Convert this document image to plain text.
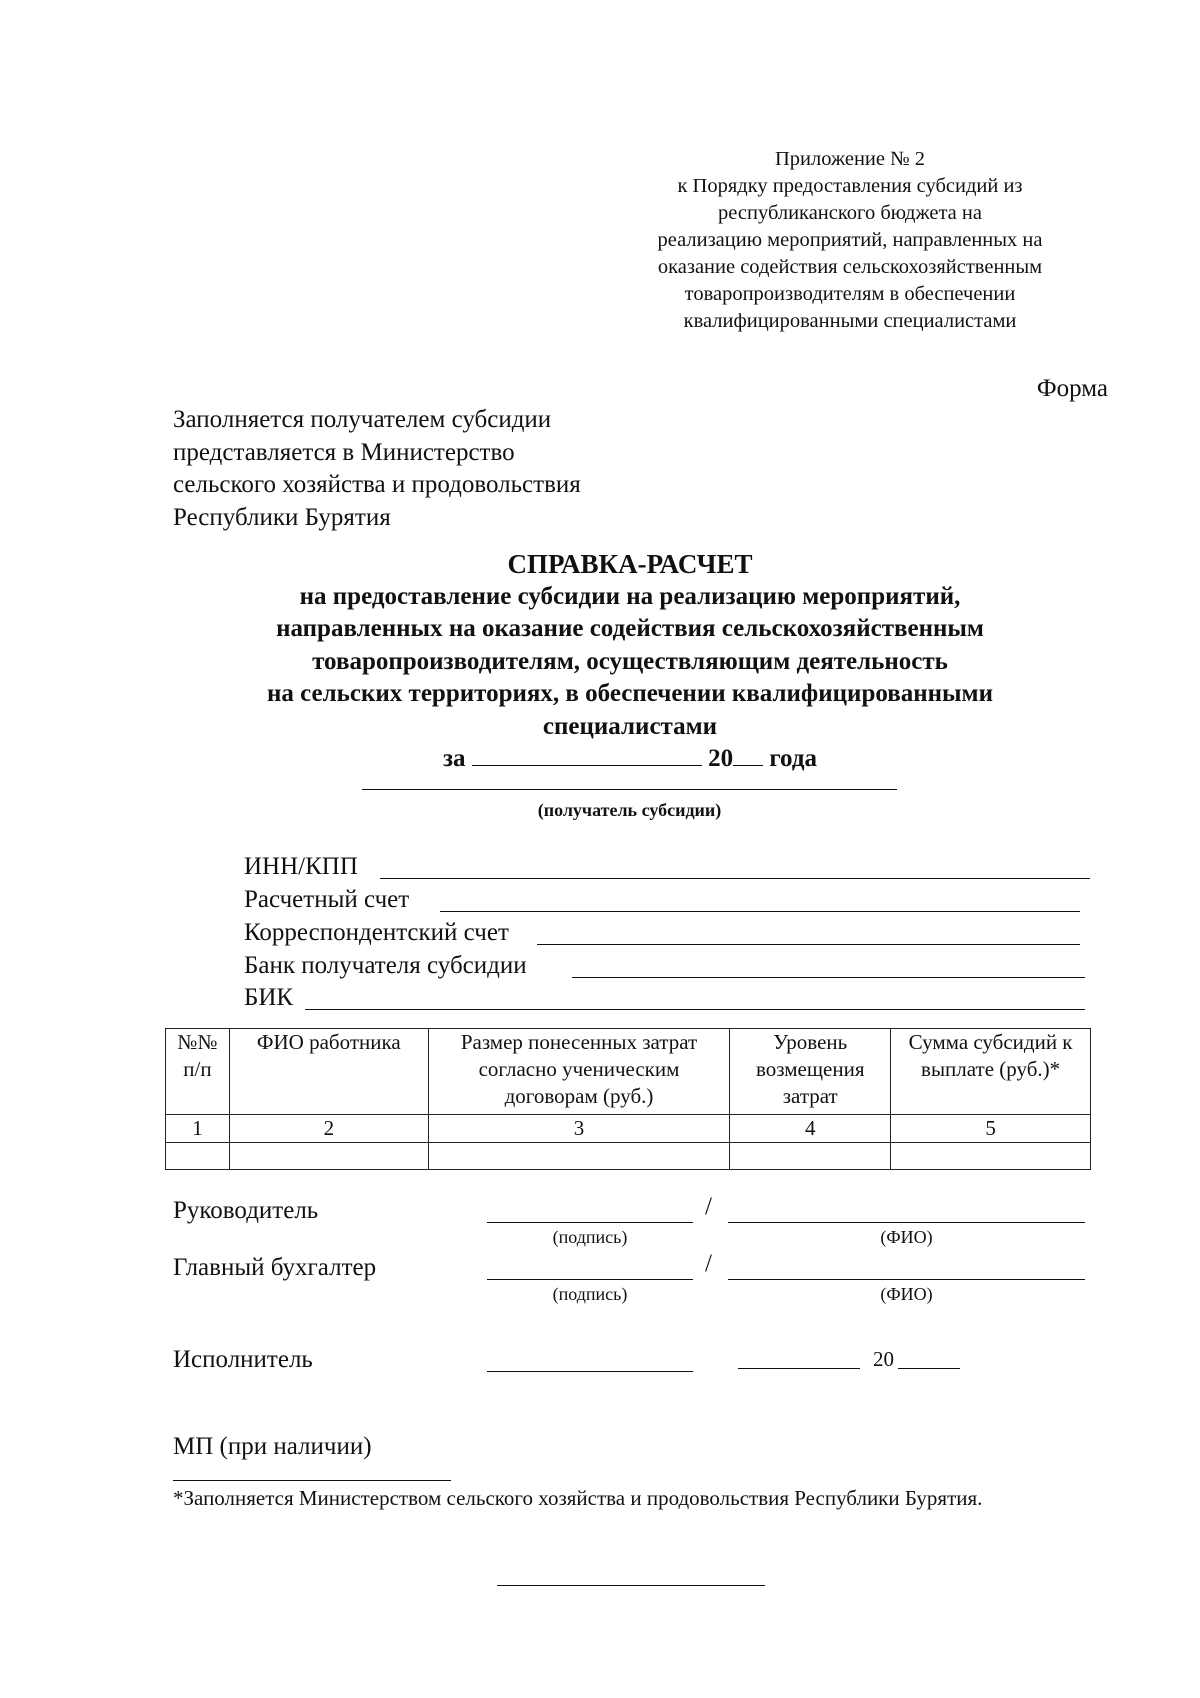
Приложение № 2
к Порядку предоставления субсидий из
республиканского бюджета на
реализацию мероприятий, направленных на
оказание содействия сельскохозяйственным
товаропроизводителям в обеспечении
квалифицированными специалистами
Форма
Заполняется получателем субсидии
представляется в Министерство
сельского хозяйства и продовольствия
Республики Бурятия
СПРАВКА-РАСЧЕТ
на предоставление субсидии на реализацию мероприятий,
направленных на оказание содействия сельскохозяйственным
товаропроизводителям, осуществляющим деятельность
на сельских территориях, в обеспечении квалифицированными
специалистами
за	20 года
(получатель субсидии)
ИНН/КПП
Расчетный счет
Корреспондентский счет
Банк получателя субсидии
БИК
№№ п/п	ФИО работника	Размер понесенных затрат согласно ученическим договорам (руб.)	Уровень возмещения затрат	Сумма субсидий к выплате (руб.)*
1	2	3	4	5

Руководитель	/
(подпись)	(ФИО)
Главный бухгалтер	/
(подпись)	(ФИО)
Исполнитель	20
МП (при наличии)
*Заполняется Министерством сельского хозяйства и продовольствия Республики Бурятия.
